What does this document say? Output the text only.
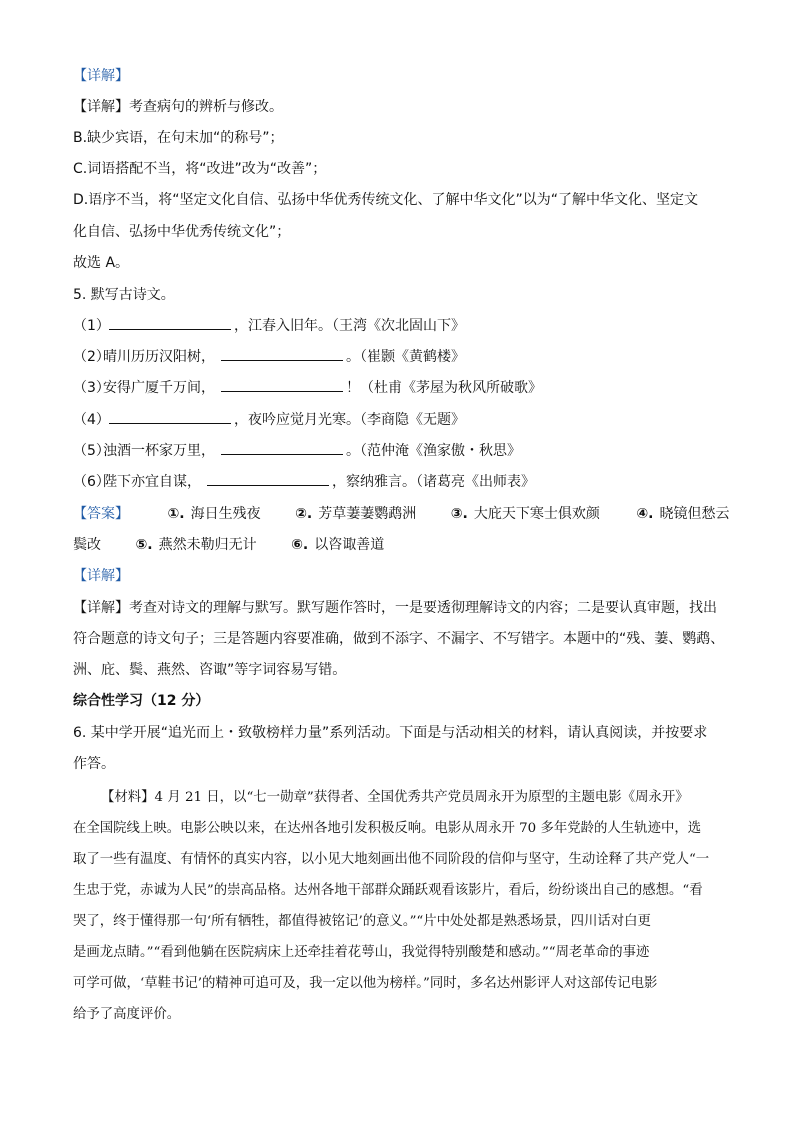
【详解】
【详解】考查病句的辨析与修改。
B.缺少宾语，在句末加“的称号”；
C.词语搭配不当，将“改进”改为“改善”；
D.语序不当，将“坚定文化自信、弘扬中华优秀传统文化、了解中华文化”以为“了解中华文化、坚定文
化自信、弘扬中华优秀传统文化”；
故选 A。
5. 默写古诗文。
（1）	，江春入旧年。（王湾《次北固山下》
（2）晴川历历汉阳树，	。（崔颢《黄鹤楼》
（3）安得广厦千万间，	！（杜甫《茅屋为秋风所破歌》
（4）	，夜吟应觉月光寒。（李商隐《无题》
（5）浊酒一杯家万里，	。（范仲淹《渔家傲・秋思》
（6）陛下亦宜自谋，	，察纳雅言。（诸葛亮《出师表》
【答案】	①. 海日生残夜 ②. 芳草萋萋鹦鹉洲 ③. 大庇天下寒士俱欢颜	④. 晓镜但愁云
鬓改 ⑤. 燕然未勒归无计 ⑥. 以咨诹善道
【详解】
【详解】考查对诗文的理解与默写。默写题作答时，一是要透彻理解诗文的内容；二是要认真审题，找出
符合题意的诗文句子；三是答题内容要准确，做到不添字、不漏字、不写错字。本题中的“残、萋、鹦鹉、
洲、庇、鬓、燕然、咨诹”等字词容易写错。
综合性学习（12 分）
6. 某中学开展“追光而上・致敬榜样力量”系列活动。下面是与活动相关的材料，请认真阅读，并按要求
作答。
【材料】4 月 21 日，以“七一勋章”获得者、全国优秀共产党员周永开为原型的主题电影《周永开》
在全国院线上映。电影公映以来，在达州各地引发积极反响。电影从周永开 70 多年党龄的人生轨迹中，选
取了一些有温度、有情怀的真实内容，以小见大地刻画出他不同阶段的信仰与坚守，生动诠释了共产党人“一
生忠于党，赤诚为人民”的崇高品格。达州各地干部群众踊跃观看该影片，看后，纷纷谈出自己的感想。“看
哭了，终于懂得那一句‘所有牺牲，都值得被铭记’的意义。”“片中处处都是熟悉场景，四川话对白更
是画龙点睛。”“看到他躺在医院病床上还牵挂着花萼山，我觉得特别酸楚和感动。”“周老革命的事迹
可学可做，‘草鞋书记’的精神可追可及，我一定以他为榜样。”同时，多名达州影评人对这部传记电影
给予了高度评价。
